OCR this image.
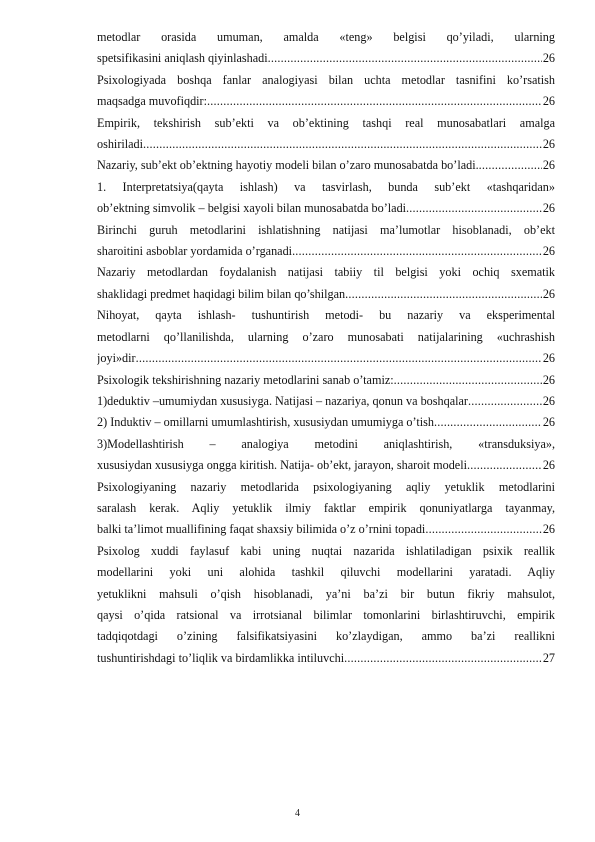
metodlar orasida umuman, amalda «teng» belgisi qo’yiladi, ularning
spetsifikasini aniqlash qiyinlashadi .....	26
Psixologiyada boshqa fanlar analogiyasi bilan uchta metodlar tasnifini ko’rsatish
maqsadga muvofiqdir: .....	26
Empirik, tekshirish sub’ekti va ob’ektining tashqi real munosabatlari amalga
oshiriladi .....	26
Nazariy, sub’ekt ob’ektning hayotiy modeli bilan o’zaro munosabatda bo’ladi. .....	26
1. Interpretatsiya(qayta ishlash) va tasvirlash, bunda sub’ekt «tashqaridan»
ob’ektning simvolik – belgisi xayoli bilan munosabatda bo’ladi .....	26
Birinchi guruh metodlarini ishlatishning natijasi ma’lumotlar hisoblanadi, ob’ekt
sharoitini asboblar yordamida o’rganadi .....	26
Nazariy metodlardan foydalanish natijasi tabiiy til belgisi yoki ochiq sxematik
shaklidagi predmet haqidagi bilim bilan qo’shilgan .....	26
Nihoyat, qayta ishlash- tushuntirish metodi- bu nazariy va eksperimental
metodlarni qo’llanilishda, ularning o’zaro munosabati natijalarining «uchrashish
joyi»dir .....	26
Psixologik tekshirishning nazariy metodlarini sanab o’tamiz: .....	26
1)deduktiv –umumiydan xususiyga. Natijasi – nazariya, qonun va boshqalar .....	26
2) Induktiv – omillarni umumlashtirish, xususiydan umumiyga o’tish .....	26
3)Modellashtirish – analogiya metodini aniqlashtirish, «transduksiya»,
xususiydan xususiyga ongga kiritish. Natija- ob’ekt, jarayon, sharoit modeli .....	26
Psixologiyaning nazariy metodlarida psixologiyaning aqliy yetuklik metodlarini
saralash kerak. Aqliy yetuklik ilmiy faktlar empirik qonuniyatlarga tayanmay,
balki ta’limot muallifining faqat shaxsiy bilimida o’z o’rnini topadi .....	26
Psixolog xuddi faylasuf kabi uning nuqtai nazarida ishlatiladigan psixik reallik
modellarini yoki uni alohida tashkil qiluvchi modellarini yaratadi. Aqliy
yetuklikni mahsuli o’qish hisoblanadi, ya’ni ba’zi bir butun fikriy mahsulot,
qaysi o’qida ratsional va irrotsianal bilimlar tomonlarini birlashtiruvchi, empirik
tadqiqotdagi o’zining falsifikatsiyasini ko’zlaydigan, ammo ba’zi reallikni
tushuntirishdagi to’liqlik va birdamlikka intiluvchi .....	27
4
